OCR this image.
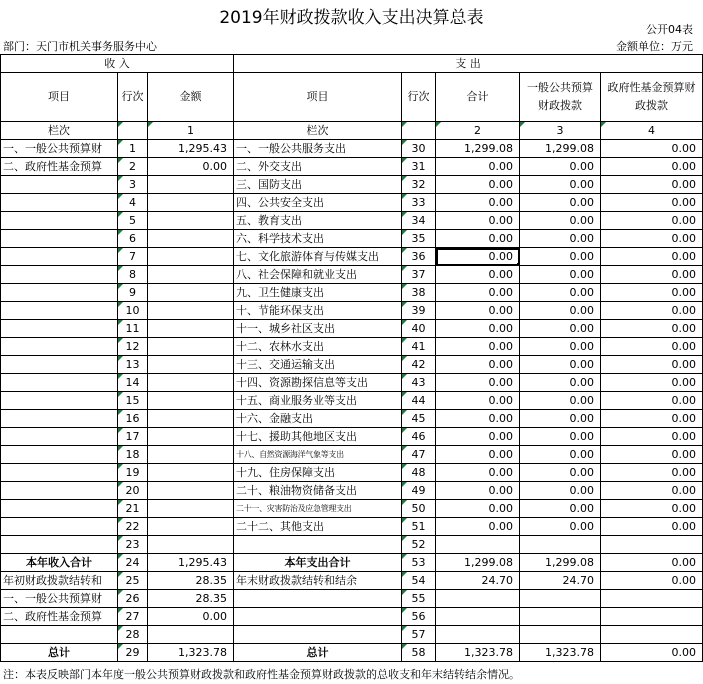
2019年财政拨款收入支出决算总表
公开04表
部门：天门市机关事务服务中心	金额单位：万元
收 入			支 出				
项目	行次	金额	项目	行次	合计	一般公共预算财政拨款	政府性基金预算财政拨款
栏次		1	栏次		2	3	4
一、一般公共预算财	1	1,295.43	一、一般公共服务支出	30	1,299.08	1,299.08	0.00
二、政府性基金预算	2	0.00	二、外交支出	31	0.00	0.00	0.00
	3		三、国防支出	32	0.00	0.00	0.00
	4		四、公共安全支出	33	0.00	0.00	0.00
	5		五、教育支出	34	0.00	0.00	0.00
	6		六、科学技术支出	35	0.00	0.00	0.00
	7		七、文化旅游体育与传媒支出	36	0.00	0.00	0.00
	8		八、社会保障和就业支出	37	0.00	0.00	0.00
	9		九、卫生健康支出	38	0.00	0.00	0.00
	10		十、节能环保支出	39	0.00	0.00	0.00
	11		十一、城乡社区支出	40	0.00	0.00	0.00
	12		十二、农林水支出	41	0.00	0.00	0.00
	13		十三、交通运输支出	42	0.00	0.00	0.00
	14		十四、资源勘探信息等支出	43	0.00	0.00	0.00
	15		十五、商业服务业等支出	44	0.00	0.00	0.00
	16		十六、金融支出	45	0.00	0.00	0.00
	17		十七、援助其他地区支出	46	0.00	0.00	0.00
	18		十八、自然资源海洋气象等支出	47	0.00	0.00	0.00
	19		十九、住房保障支出	48	0.00	0.00	0.00
	20		二十、粮油物资储备支出	49	0.00	0.00	0.00
	21		二十一、灾害防治及应急管理支出	50	0.00	0.00	0.00
	22		二十二、其他支出	51	0.00	0.00	0.00
	23			52			
本年收入合计	24	1,295.43	本年支出合计	53	1,299.08	1,299.08	0.00
年初财政拨款结转和	25	28.35	年末财政拨款结转和结余	54	24.70	24.70	0.00
一、一般公共预算财	26	28.35		55			
二、政府性基金预算	27	0.00		56			
	28			57			
总计	29	1,323.78	总计	58	1,323.78	1,323.78	0.00
注：本表反映部门本年度一般公共预算财政拨款和政府性基金预算财政拨款的总收支和年末结转结余情况。
